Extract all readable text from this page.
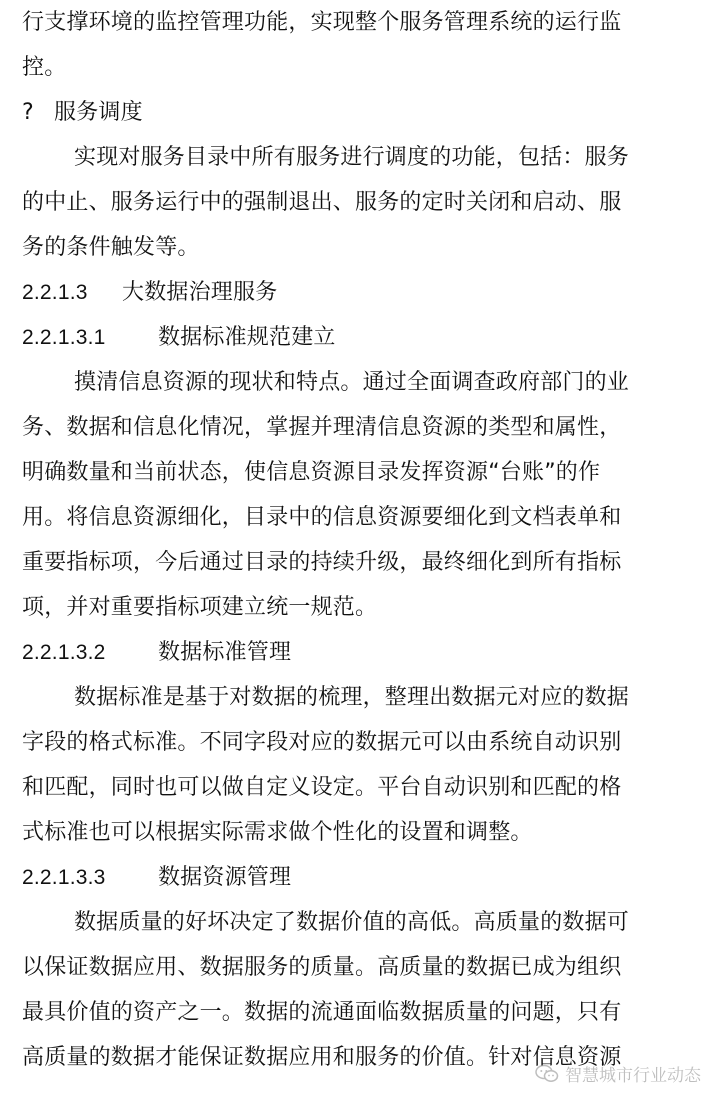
行支撑环境的监控管理功能，实现整个服务管理系统的运行监
控。
? 服务调度
实现对服务目录中所有服务进行调度的功能，包括：服务
的中止、服务运行中的强制退出、服务的定时关闭和启动、服
务的条件触发等。
2.2.1.3 大数据治理服务
2.2.1.3.1 数据标准规范建立
摸清信息资源的现状和特点。通过全面调查政府部门的业
务、数据和信息化情况，掌握并理清信息资源的类型和属性，
明确数量和当前状态，使信息资源目录发挥资源“台账”的作
用。将信息资源细化，目录中的信息资源要细化到文档表单和
重要指标项，今后通过目录的持续升级，最终细化到所有指标
项，并对重要指标项建立统一规范。
2.2.1.3.2 数据标准管理
数据标准是基于对数据的梳理，整理出数据元对应的数据
字段的格式标准。不同字段对应的数据元可以由系统自动识别
和匹配，同时也可以做自定义设定。平台自动识别和匹配的格
式标准也可以根据实际需求做个性化的设置和调整。
2.2.1.3.3 数据资源管理
数据质量的好坏决定了数据价值的高低。高质量的数据可
以保证数据应用、数据服务的质量。高质量的数据已成为组织
最具价值的资产之一。数据的流通面临数据质量的问题，只有
高质量的数据才能保证数据应用和服务的价值。针对信息资源
智慧城市行业动态
